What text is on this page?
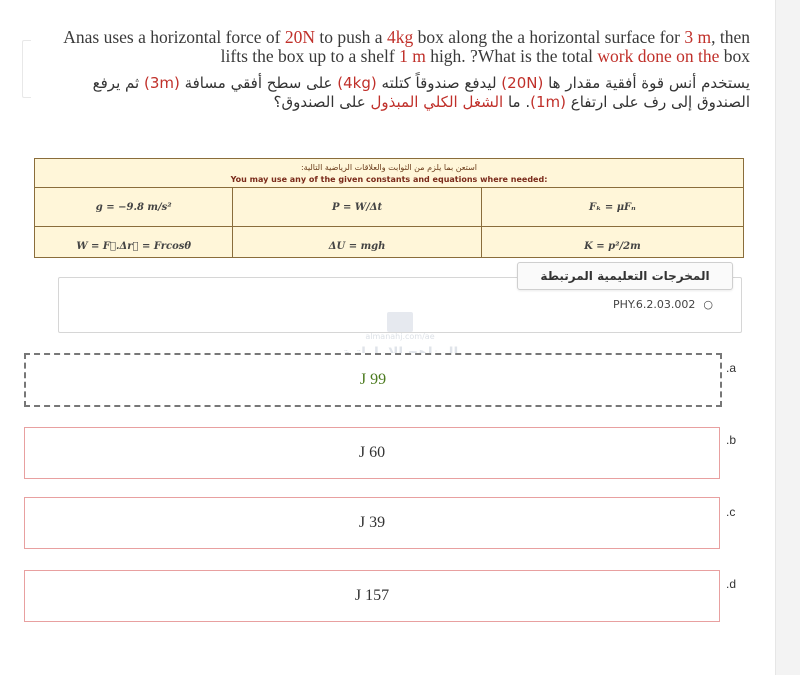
Anas uses a horizontal force of 20N to push a 4kg box along the a horizontal surface for 3 m, then lifts the box up to a shelf 1 m high. ?What is the total work done on the box
يستخدم أنس قوة أفقية مقدار ها (20N) ليدفع صندوقاً كتلته (4kg) على سطح أفقي مسافة (3m) ثم يرفع الصندوق إلى رف على ارتفاع (1m). ما الشغل الكلي المبذول على الصندوق؟
استعن بما يلزم من الثوابت والعلاقات الرياضية التالية:
You may use any of the given constants and equations where needed:
g = −9.8 m/s²	P = W/Δt	Fₖ = μFₙ
W = F⃗.Δr⃗ = Frcosθ	ΔU = mgh	K = p²/2m
PHY.6.2.03.002 ○
المخرجات التعليمية المرتبطة
almanahj.com/ae
J 99
.a
J 60
.b
J 39
.c
J 157
.d
